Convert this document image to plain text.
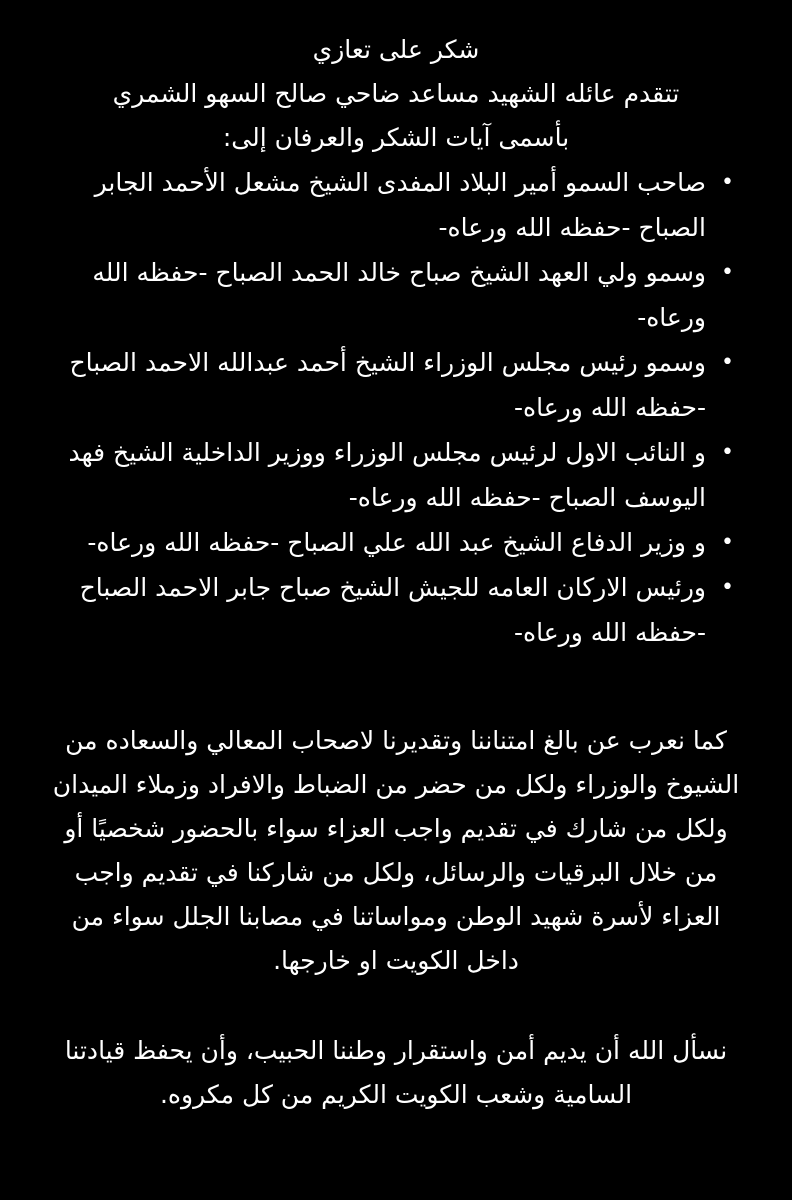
شكر على تعازي

تتقدم عائله الشهيد مساعد ضاحي صالح السهو الشمري

بأسمى آيات الشكر والعرفان إلى:

•
صاحب السمو أمير البلاد المفدى الشيخ مشعل الأحمد الجابر الصباح -حفظه الله ورعاه-
•
وسمو ولي العهد الشيخ صباح خالد الحمد الصباح -حفظه الله ورعاه-
•
وسمو رئيس مجلس الوزراء الشيخ أحمد عبدالله الاحمد الصباح -حفظه الله ورعاه-
•
و النائب الاول لرئيس مجلس الوزراء ووزير الداخلية الشيخ فهد اليوسف الصباح -حفظه الله ورعاه-
•
و وزير الدفاع الشيخ عبد الله علي الصباح -حفظه الله ورعاه-
•
ورئيس الاركان العامه للجيش الشيخ صباح جابر الاحمد الصباح -حفظه الله ورعاه-

كما نعرب عن بالغ امتناننا وتقديرنا لاصحاب المعالي والسعاده من الشيوخ والوزراء ولكل من حضر من الضباط والافراد وزملاء الميدان ولكل من شارك في تقديم واجب العزاء سواء بالحضور شخصيًا أو من خلال البرقيات والرسائل، ولكل من شاركنا في تقديم واجب العزاء لأسرة شهيد الوطن ومواساتنا في مصابنا الجلل سواء من داخل الكويت او خارجها.

نسأل الله أن يديم أمن واستقرار وطننا الحبيب، وأن يحفظ قيادتنا السامية وشعب الكويت الكريم من كل مكروه.
